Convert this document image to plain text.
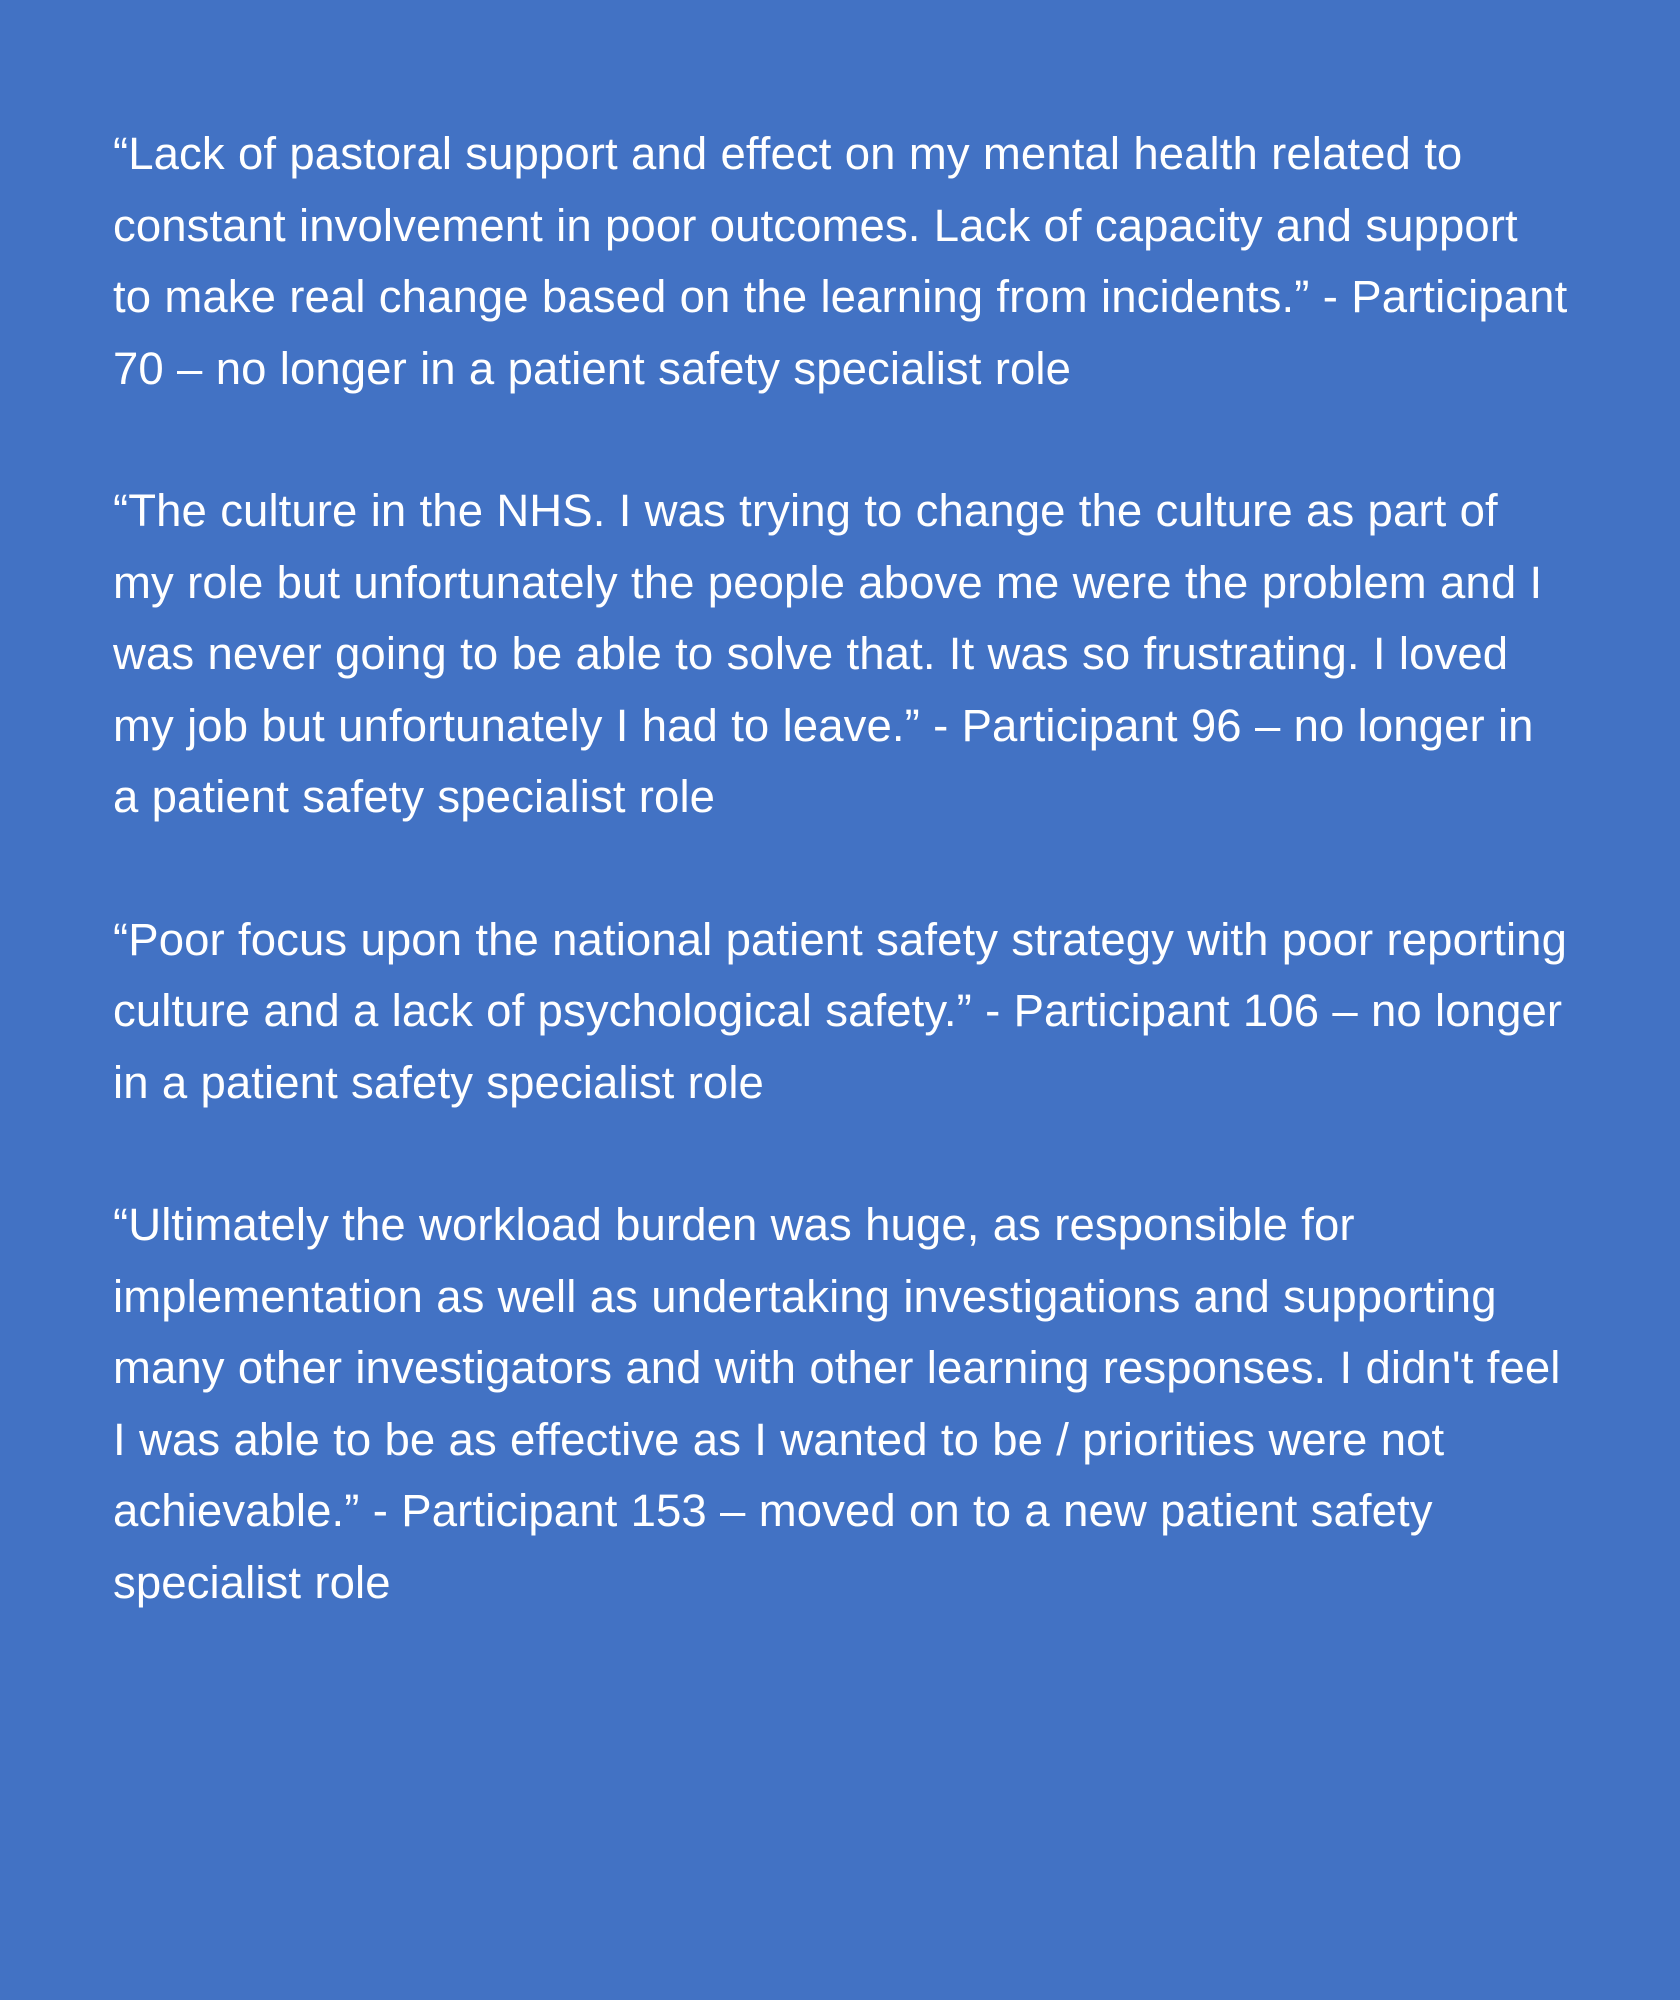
“Lack of pastoral support and effect on my mental health related to constant involvement in poor outcomes. Lack of capacity and support to make real change based on the learning from incidents.” - Participant 70 – no longer in a patient safety specialist role

“The culture in the NHS. I was trying to change the culture as part of my role but unfortunately the people above me were the problem and I was never going to be able to solve that. It was so frustrating. I loved my job but unfortunately I had to leave.” - Participant 96 – no longer in a patient safety specialist role

“Poor focus upon the national patient safety strategy with poor reporting culture and a lack of psychological safety.” - Participant 106 – no longer in a patient safety specialist role

“Ultimately the workload burden was huge, as responsible for implementation as well as undertaking investigations and supporting many other investigators and with other learning responses. I didn't feel I was able to be as effective as I wanted to be / priorities were not achievable.” - Participant 153 – moved on to a new patient safety specialist role
